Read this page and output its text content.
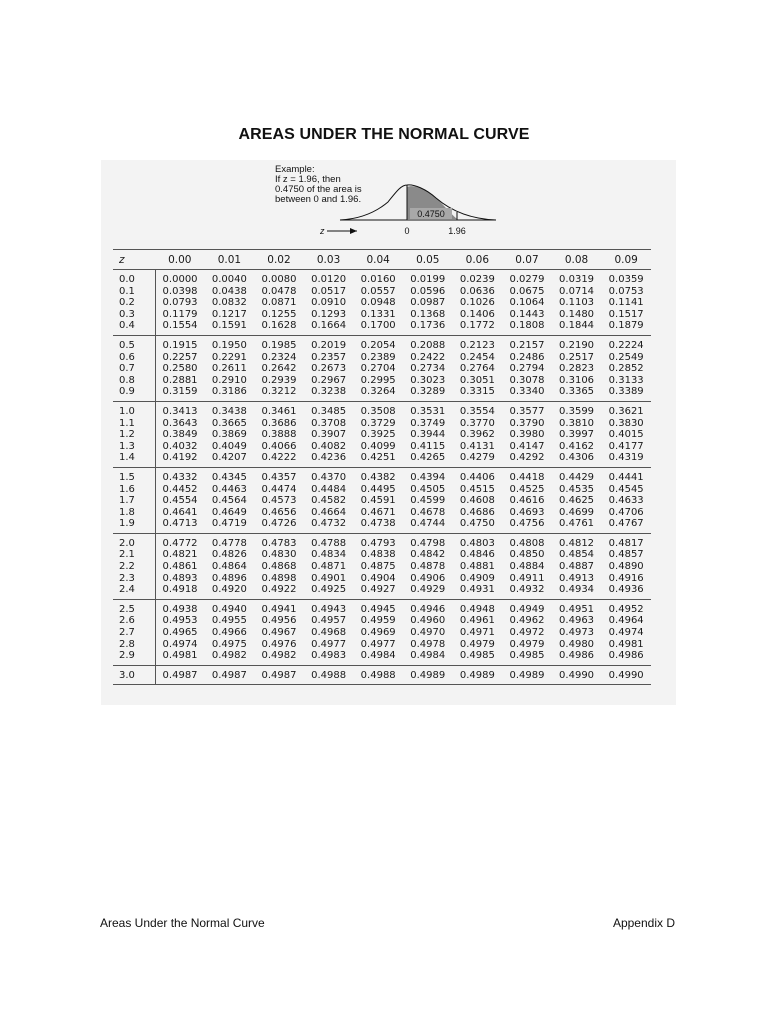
AREAS UNDER THE NORMAL CURVE
Example:
If z = 1.96, then
0.4750 of the area is
between 0 and 1.96.
0.4750
z	0	1.96
z	0.00	0.01	0.02	0.03	0.04	0.05	0.06	0.07	0.08	0.09
0.0	0.0000	0.0040	0.0080	0.0120	0.0160	0.0199	0.0239	0.0279	0.0319	0.0359
0.1	0.0398	0.0438	0.0478	0.0517	0.0557	0.0596	0.0636	0.0675	0.0714	0.0753
0.2	0.0793	0.0832	0.0871	0.0910	0.0948	0.0987	0.1026	0.1064	0.1103	0.1141
0.3	0.1179	0.1217	0.1255	0.1293	0.1331	0.1368	0.1406	0.1443	0.1480	0.1517
0.4	0.1554	0.1591	0.1628	0.1664	0.1700	0.1736	0.1772	0.1808	0.1844	0.1879
0.5	0.1915	0.1950	0.1985	0.2019	0.2054	0.2088	0.2123	0.2157	0.2190	0.2224
0.6	0.2257	0.2291	0.2324	0.2357	0.2389	0.2422	0.2454	0.2486	0.2517	0.2549
0.7	0.2580	0.2611	0.2642	0.2673	0.2704	0.2734	0.2764	0.2794	0.2823	0.2852
0.8	0.2881	0.2910	0.2939	0.2967	0.2995	0.3023	0.3051	0.3078	0.3106	0.3133
0.9	0.3159	0.3186	0.3212	0.3238	0.3264	0.3289	0.3315	0.3340	0.3365	0.3389
1.0	0.3413	0.3438	0.3461	0.3485	0.3508	0.3531	0.3554	0.3577	0.3599	0.3621
1.1	0.3643	0.3665	0.3686	0.3708	0.3729	0.3749	0.3770	0.3790	0.3810	0.3830
1.2	0.3849	0.3869	0.3888	0.3907	0.3925	0.3944	0.3962	0.3980	0.3997	0.4015
1.3	0.4032	0.4049	0.4066	0.4082	0.4099	0.4115	0.4131	0.4147	0.4162	0.4177
1.4	0.4192	0.4207	0.4222	0.4236	0.4251	0.4265	0.4279	0.4292	0.4306	0.4319
1.5	0.4332	0.4345	0.4357	0.4370	0.4382	0.4394	0.4406	0.4418	0.4429	0.4441
1.6	0.4452	0.4463	0.4474	0.4484	0.4495	0.4505	0.4515	0.4525	0.4535	0.4545
1.7	0.4554	0.4564	0.4573	0.4582	0.4591	0.4599	0.4608	0.4616	0.4625	0.4633
1.8	0.4641	0.4649	0.4656	0.4664	0.4671	0.4678	0.4686	0.4693	0.4699	0.4706
1.9	0.4713	0.4719	0.4726	0.4732	0.4738	0.4744	0.4750	0.4756	0.4761	0.4767
2.0	0.4772	0.4778	0.4783	0.4788	0.4793	0.4798	0.4803	0.4808	0.4812	0.4817
2.1	0.4821	0.4826	0.4830	0.4834	0.4838	0.4842	0.4846	0.4850	0.4854	0.4857
2.2	0.4861	0.4864	0.4868	0.4871	0.4875	0.4878	0.4881	0.4884	0.4887	0.4890
2.3	0.4893	0.4896	0.4898	0.4901	0.4904	0.4906	0.4909	0.4911	0.4913	0.4916
2.4	0.4918	0.4920	0.4922	0.4925	0.4927	0.4929	0.4931	0.4932	0.4934	0.4936
2.5	0.4938	0.4940	0.4941	0.4943	0.4945	0.4946	0.4948	0.4949	0.4951	0.4952
2.6	0.4953	0.4955	0.4956	0.4957	0.4959	0.4960	0.4961	0.4962	0.4963	0.4964
2.7	0.4965	0.4966	0.4967	0.4968	0.4969	0.4970	0.4971	0.4972	0.4973	0.4974
2.8	0.4974	0.4975	0.4976	0.4977	0.4977	0.4978	0.4979	0.4979	0.4980	0.4981
2.9	0.4981	0.4982	0.4982	0.4983	0.4984	0.4984	0.4985	0.4985	0.4986	0.4986
3.0	0.4987	0.4987	0.4987	0.4988	0.4988	0.4989	0.4989	0.4989	0.4990	0.4990
Areas Under the Normal Curve	Appendix D
